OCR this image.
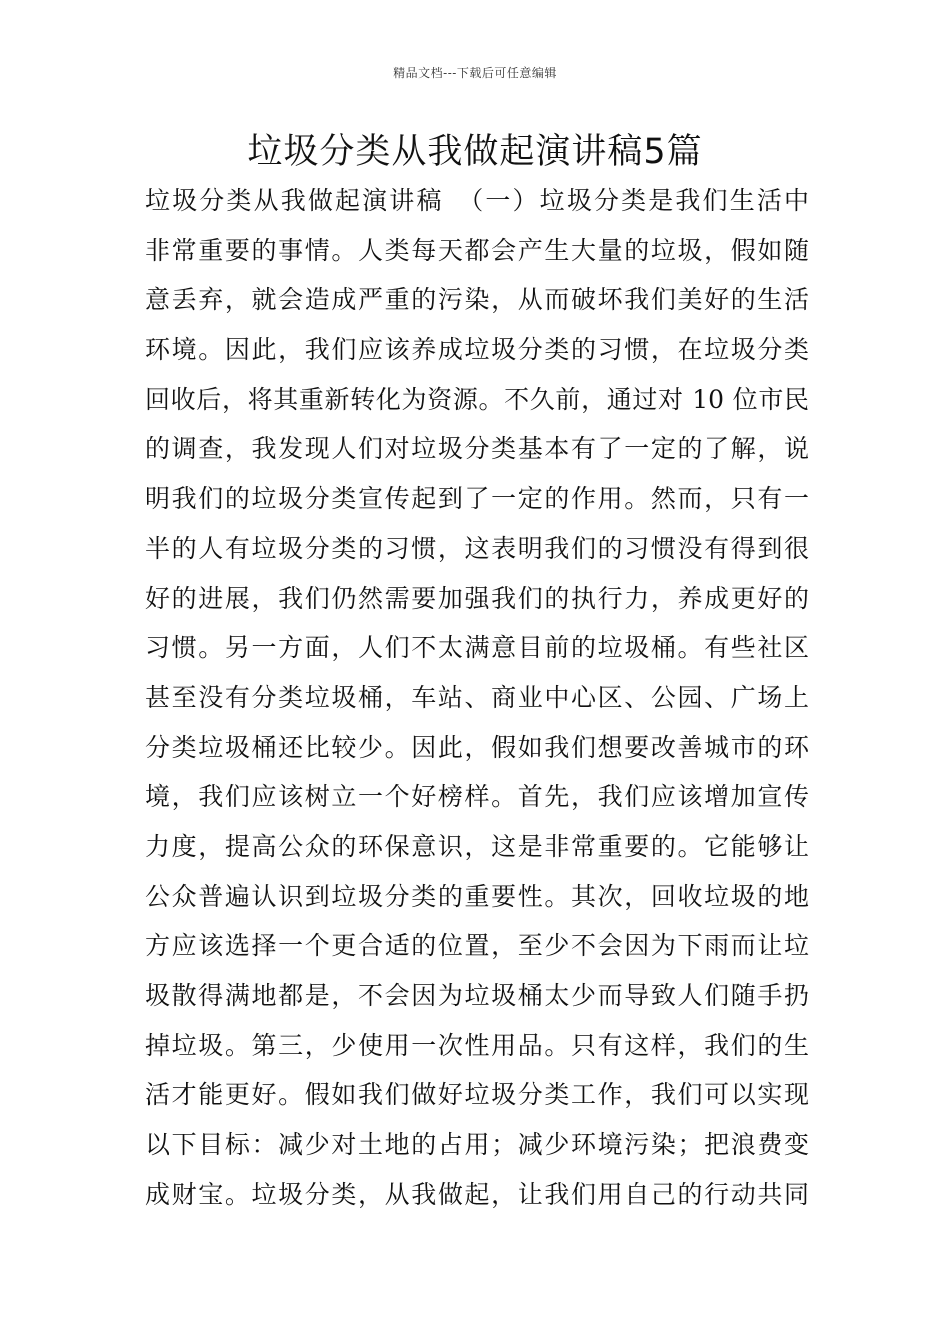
精品文档---下载后可任意编辑
垃圾分类从我做起演讲稿5篇
垃圾分类从我做起演讲稿　（一）垃圾分类是我们生活中
非常重要的事情。人类每天都会产生大量的垃圾，假如随
意丢弃，就会造成严重的污染，从而破坏我们美好的生活
环境。因此，我们应该养成垃圾分类的习惯，在垃圾分类
回收后，将其重新转化为资源。不久前，通过对 10 位市民
的调查，我发现人们对垃圾分类基本有了一定的了解，说
明我们的垃圾分类宣传起到了一定的作用。然而，只有一
半的人有垃圾分类的习惯，这表明我们的习惯没有得到很
好的进展，我们仍然需要加强我们的执行力，养成更好的
习惯。另一方面，人们不太满意目前的垃圾桶。有些社区
甚至没有分类垃圾桶，车站、商业中心区、公园、广场上
分类垃圾桶还比较少。因此，假如我们想要改善城市的环
境，我们应该树立一个好榜样。首先，我们应该增加宣传
力度，提高公众的环保意识，这是非常重要的。它能够让
公众普遍认识到垃圾分类的重要性。其次，回收垃圾的地
方应该选择一个更合适的位置，至少不会因为下雨而让垃
圾散得满地都是，不会因为垃圾桶太少而导致人们随手扔
掉垃圾。第三，少使用一次性用品。只有这样，我们的生
活才能更好。假如我们做好垃圾分类工作，我们可以实现
以下目标：减少对土地的占用；减少环境污染；把浪费变
成财宝。垃圾分类，从我做起，让我们用自己的行动共同
